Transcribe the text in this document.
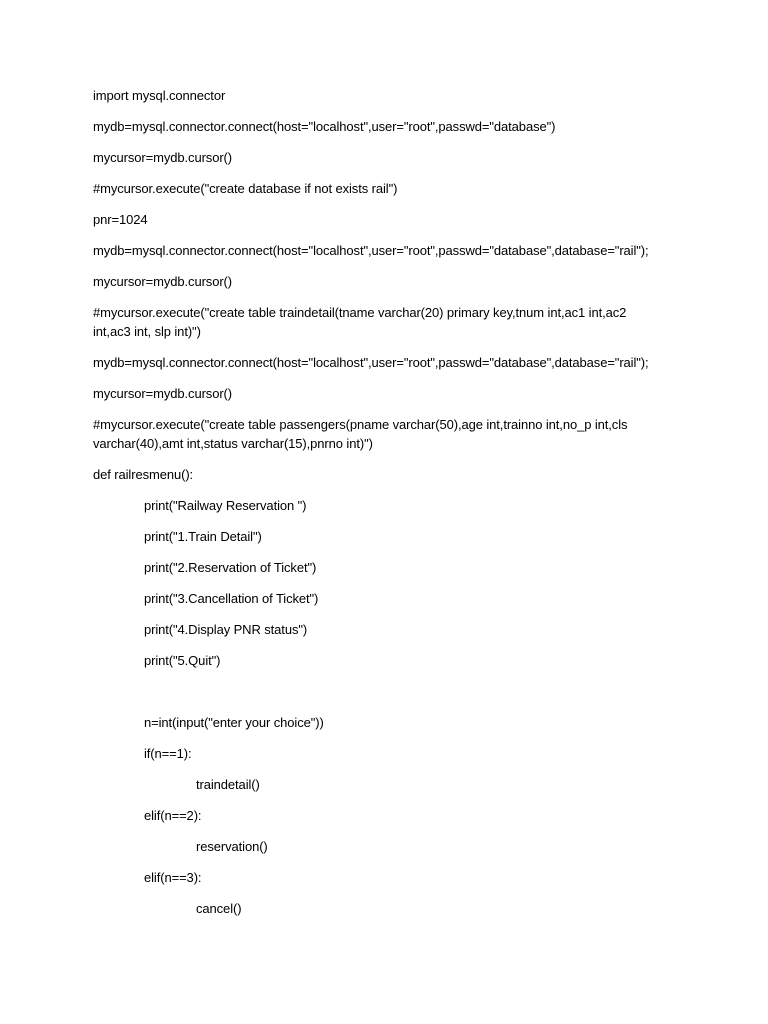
import mysql.connector
mydb=mysql.connector.connect(host="localhost",user="root",passwd="database")
mycursor=mydb.cursor()
#mycursor.execute("create database if not exists rail")
pnr=1024
mydb=mysql.connector.connect(host="localhost",user="root",passwd="database",database="rail");
mycursor=mydb.cursor()
#mycursor.execute("create table traindetail(tname varchar(20) primary key,tnum int,ac1 int,ac2
int,ac3 int, slp int)")
mydb=mysql.connector.connect(host="localhost",user="root",passwd="database",database="rail");
mycursor=mydb.cursor()
#mycursor.execute("create table passengers(pname varchar(50),age int,trainno int,no_p int,cls
varchar(40),amt int,status varchar(15),pnrno int)")
def railresmenu():
print("Railway Reservation ")
print("1.Train Detail")
print("2.Reservation of Ticket")
print("3.Cancellation of Ticket")
print("4.Display PNR status")
print("5.Quit")
n=int(input("enter your choice"))
if(n==1):
traindetail()
elif(n==2):
reservation()
elif(n==3):
cancel()
